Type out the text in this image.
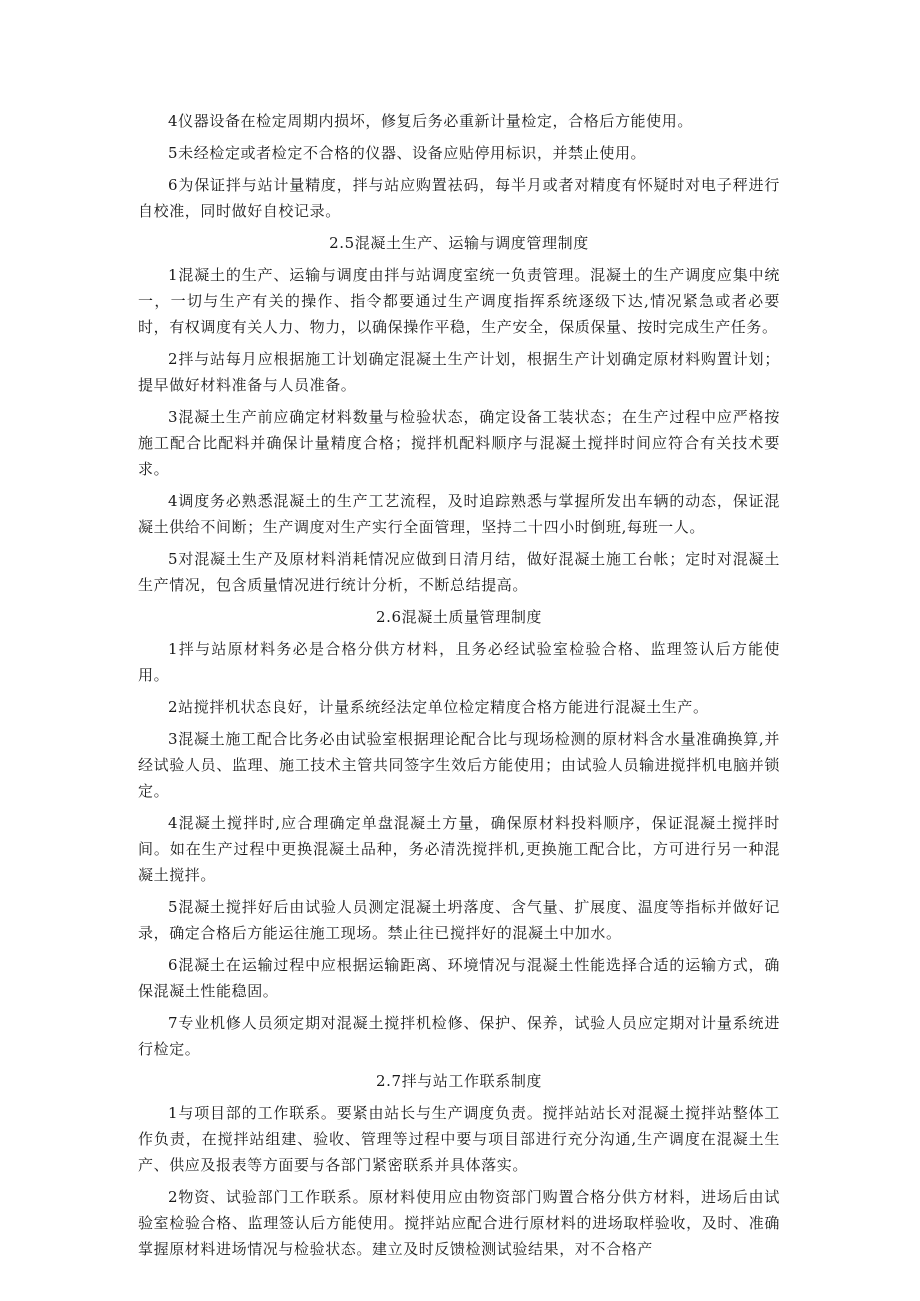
4仪器设备在检定周期内损坏，修复后务必重新计量检定，合格后方能使用。

5未经检定或者检定不合格的仪器、设备应贴停用标识，并禁止使用。

6为保证拌与站计量精度，拌与站应购置祛码，每半月或者对精度有怀疑时对电子秤进行自校准，同时做好自校记录。

2.5混凝土生产、运输与调度管理制度

1混凝土的生产、运输与调度由拌与站调度室统一负责管理。混凝土的生产调度应集中统一，一切与生产有关的操作、指令都要通过生产调度指挥系统逐级下达,情况紧急或者必要时，有权调度有关人力、物力，以确保操作平稳，生产安全，保质保量、按时完成生产任务。

2拌与站每月应根据施工计划确定混凝土生产计划，根据生产计划确定原材料购置计划；提早做好材料准备与人员准备。

3混凝土生产前应确定材料数量与检验状态，确定设备工装状态；在生产过程中应严格按施工配合比配料并确保计量精度合格；搅拌机配料顺序与混凝土搅拌时间应符合有关技术要求。

4调度务必熟悉混凝土的生产工艺流程，及时追踪熟悉与掌握所发出车辆的动态，保证混凝土供给不间断；生产调度对生产实行全面管理，坚持二十四小时倒班,每班一人。

5对混凝土生产及原材料消耗情况应做到日清月结，做好混凝土施工台帐；定时对混凝土生产情况，包含质量情况进行统计分析，不断总结提高。

2.6混凝土质量管理制度

1拌与站原材料务必是合格分供方材料，且务必经试验室检验合格、监理签认后方能使用。

2站搅拌机状态良好，计量系统经法定单位检定精度合格方能进行混凝土生产。

3混凝土施工配合比务必由试验室根据理论配合比与现场检测的原材料含水量准确换算,并经试验人员、监理、施工技术主管共同签字生效后方能使用；由试验人员输进搅拌机电脑并锁定。

4混凝土搅拌时,应合理确定单盘混凝土方量，确保原材料投料顺序，保证混凝土搅拌时间。如在生产过程中更换混凝土品种，务必清洗搅拌机,更换施工配合比，方可进行另一种混凝土搅拌。

5混凝土搅拌好后由试验人员测定混凝土坍落度、含气量、扩展度、温度等指标并做好记录，确定合格后方能运往施工现场。禁止往已搅拌好的混凝土中加水。

6混凝土在运输过程中应根据运输距离、环境情况与混凝土性能选择合适的运输方式，确保混凝土性能稳固。

7专业机修人员须定期对混凝土搅拌机检修、保护、保养，试验人员应定期对计量系统进行检定。

2.7拌与站工作联系制度

1与项目部的工作联系。要紧由站长与生产调度负责。搅拌站站长对混凝土搅拌站整体工作负责，在搅拌站组建、验收、管理等过程中要与项目部进行充分沟通,生产调度在混凝土生产、供应及报表等方面要与各部门紧密联系并具体落实。

2物资、试验部门工作联系。原材料使用应由物资部门购置合格分供方材料，进场后由试验室检验合格、监理签认后方能使用。搅拌站应配合进行原材料的进场取样验收，及时、准确掌握原材料进场情况与检验状态。建立及时反馈检测试验结果，对不合格产
